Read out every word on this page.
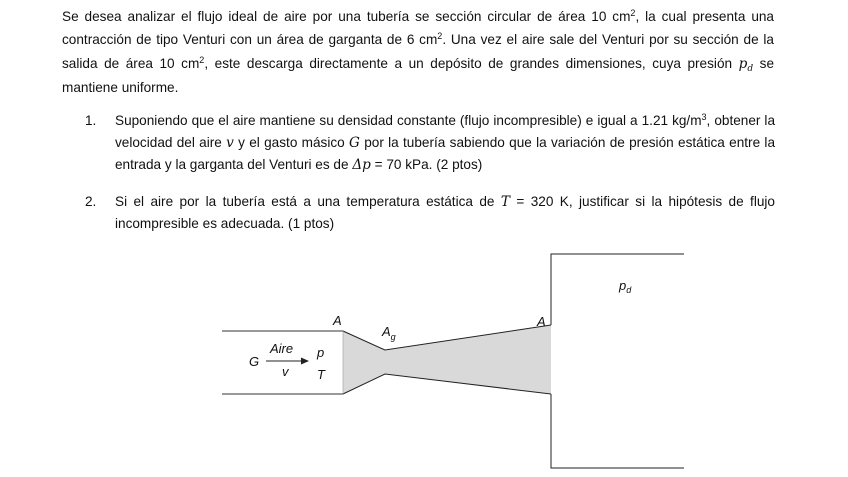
Se desea analizar el flujo ideal de aire por una tubería se sección circular de área 10 $cm^2$, la cual presenta una contracción de tipo Venturi con un área de garganta de 6 $cm^2$. Una vez el aire sale del Venturi por su sección de la salida de área 10 $cm^2$, este descarga directamente a un depósito de grandes dimensiones, cuya presión $p_d$ se mantiene uniforme.

1.	Suponiendo que el aire mantiene su densidad constante (flujo incompresible) e igual a 1.21 $kg/m^3$, obtener la velocidad del aire v y el gasto másico G por la tubería sabiendo que la variación de presión estática entre la entrada y la garganta del Venturi es de Δp = 70 kPa. (2 ptos)
2.	Si el aire por la tubería está a una temperatura estática de T = 320 K, justificar si la hipótesis de flujo incompresible es adecuada. (1 ptos)
A
$A_g$
A
$p_d$
G
Aire
v
p
T
